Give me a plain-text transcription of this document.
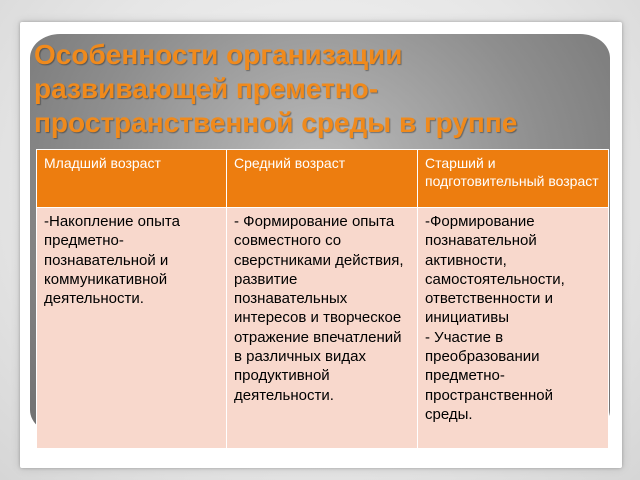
Особенности организации развивающей преметно-пространственной среды в группе
Младший возраст	Средний возраст	Старший и подготовительный возраст
-Накопление опыта предметно-познавательной и коммуникативной деятельности.	- Формирование опыта совместного со сверстниками действия, развитие познавательных интересов и творческое отражение впечатлений в различных видах продуктивной деятельности.	-Формирование познавательной активности, самостоятельности, ответственности и инициативы
- Участие в преобразовании предметно-пространственной среды.
